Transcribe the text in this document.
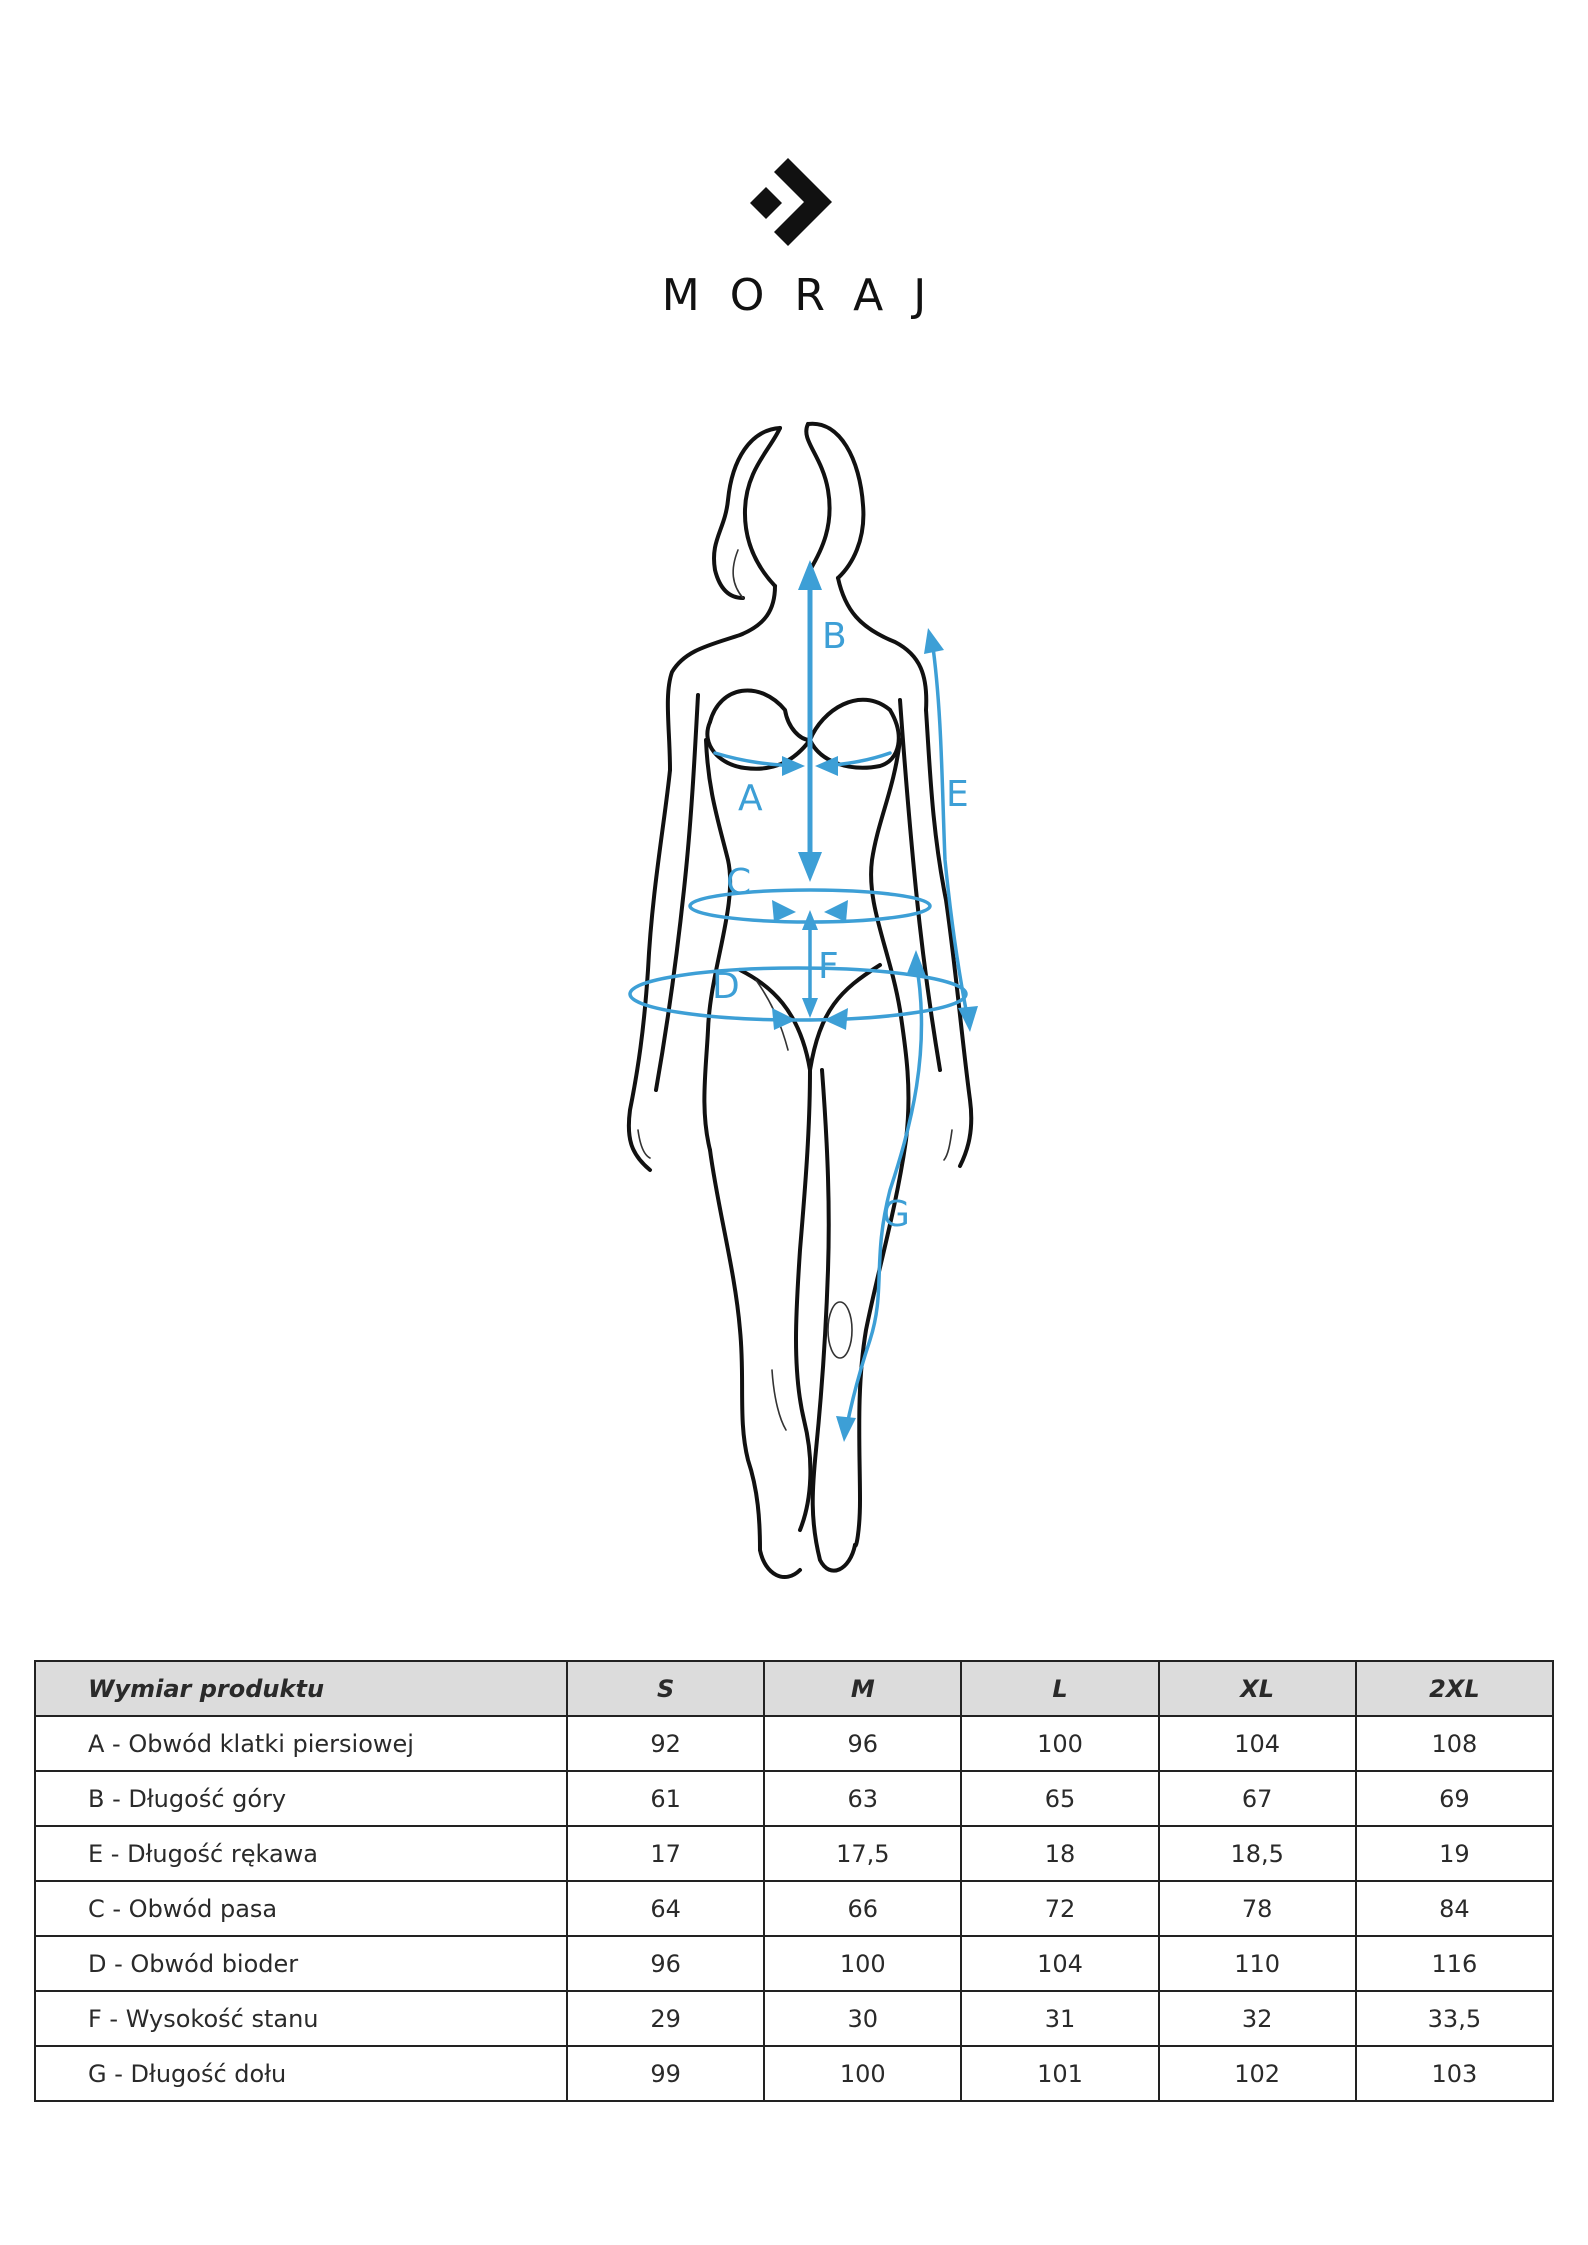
MORAJ
B
A	E
C
F
D
G
Wymiar produktu	S	M	L	XL	2XL
A - Obwód klatki piersiowej	92	96	100	104	108
B - Długość góry	61	63	65	67	69
E - Długość rękawa	17	17,5	18	18,5	19
C - Obwód pasa	64	66	72	78	84
D - Obwód bioder	96	100	104	110	116
F - Wysokość stanu	29	30	31	32	33,5
G - Długość dołu	99	100	101	102	103
